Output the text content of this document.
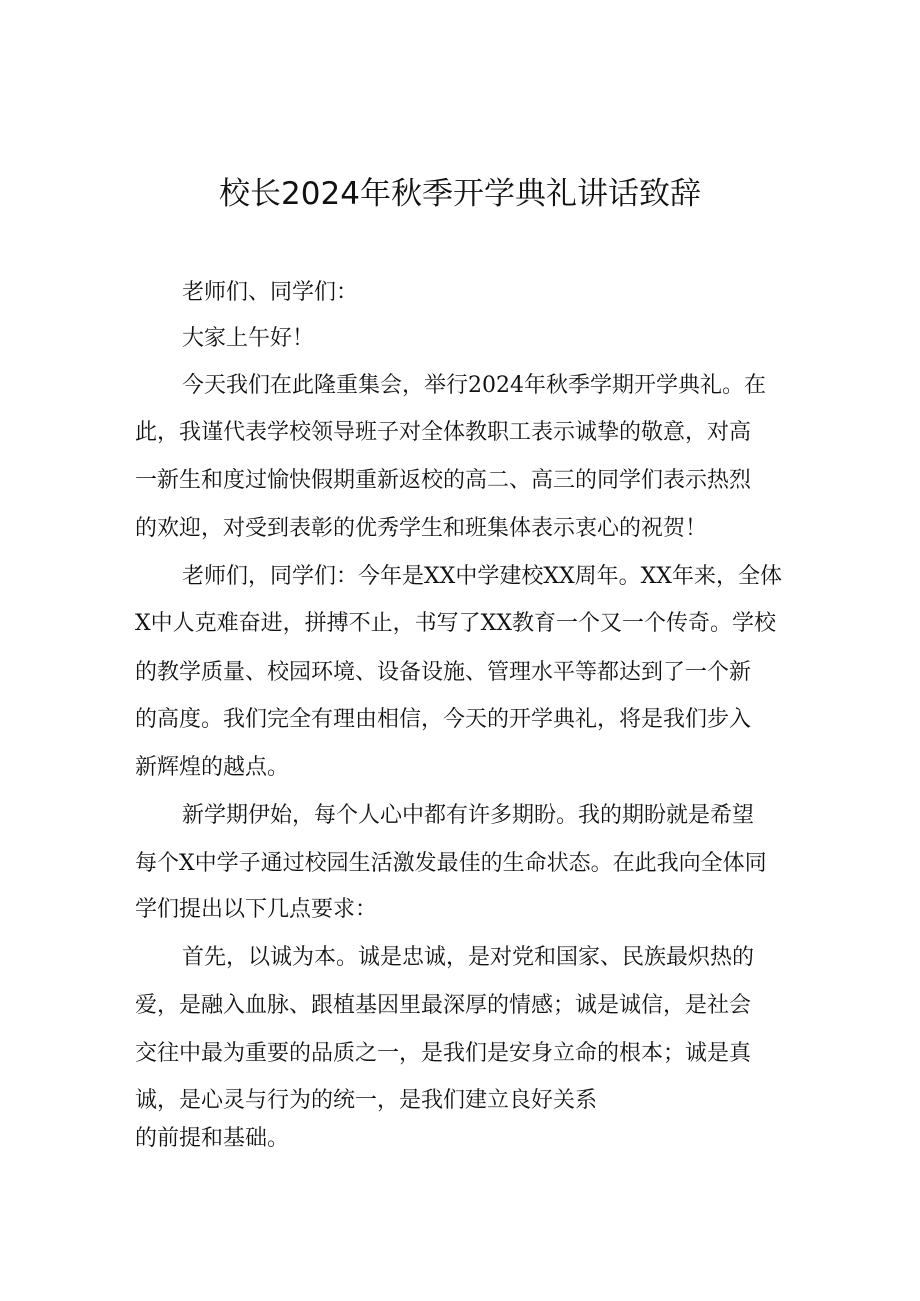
校长2024年秋季开学典礼讲话致辞
老师们、同学们：
大家上午好！
今天我们在此隆重集会，举行2024年秋季学期开学典礼。在
此，我谨代表学校领导班子对全体教职工表示诚挚的敬意，对高
一新生和度过愉快假期重新返校的高二、高三的同学们表示热烈
的欢迎，对受到表彰的优秀学生和班集体表示衷心的祝贺！
老师们，同学们：今年是XX中学建校XX周年。XX年来，全体
X中人克难奋进，拼搏不止，书写了XX教育一个又一个传奇。学校
的教学质量、校园环境、设备设施、管理水平等都达到了一个新
的高度。我们完全有理由相信，今天的开学典礼，将是我们步入
新辉煌的越点。
新学期伊始，每个人心中都有许多期盼。我的期盼就是希望
每个X中学子通过校园生活激发最佳的生命状态。在此我向全体同
学们提出以下几点要求：
首先，以诚为本。诚是忠诚，是对党和国家、民族最炽热的
爱，是融入血脉、跟植基因里最深厚的情感；诚是诚信，是社会
交往中最为重要的品质之一，是我们是安身立命的根本；诚是真
诚，是心灵与行为的统一，是我们建立良好关系
的前提和基础。
